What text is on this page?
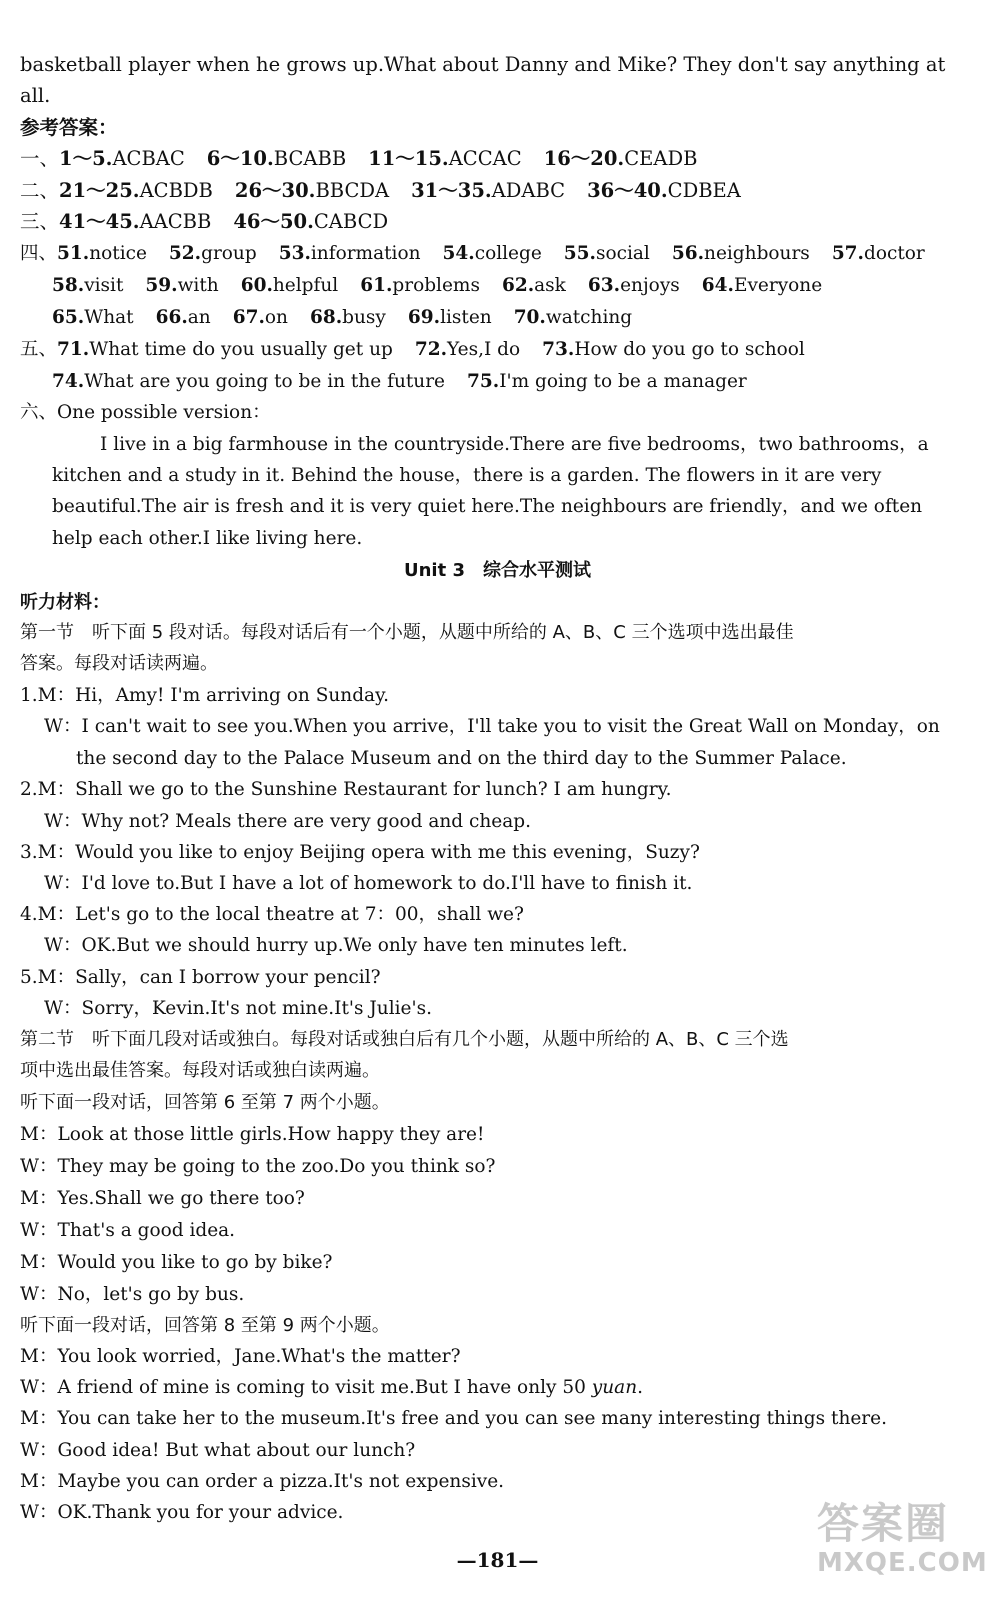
basketball player when he grows up.What about Danny and Mike? They don't say anything at
all.
参考答案：
一、1～5.ACBAC 6～10.BCABB 11～15.ACCAC 16～20.CEADB
二、21～25.ACBDB 26～30.BBCDA 31～35.ADABC 36～40.CDBEA
三、41～45.AACBB 46～50.CABCD
四、51.notice 52.group 53.information 54.college 55.social 56.neighbours 57.doctor
58.visit 59.with 60.helpful 61.problems 62.ask 63.enjoys 64.Everyone
65.What 66.an 67.on 68.busy 69.listen 70.watching
五、71.What time do you usually get up 72.Yes,I do 73.How do you go to school
74.What are you going to be in the future 75.I'm going to be a manager
六、One possible version：
I live in a big farmhouse in the countryside.There are five bedrooms，two bathrooms，a
kitchen and a study in it. Behind the house，there is a garden. The flowers in it are very
beautiful.The air is fresh and it is very quiet here.The neighbours are friendly，and we often
help each other.I like living here.
Unit 3　综合水平测试
听力材料：
第一节　听下面 5 段对话。每段对话后有一个小题，从题中所给的 A、B、C 三个选项中选出最佳
答案。每段对话读两遍。
1.M：Hi，Amy! I'm arriving on Sunday.
W：I can't wait to see you.When you arrive，I'll take you to visit the Great Wall on Monday，on
the second day to the Palace Museum and on the third day to the Summer Palace.
2.M：Shall we go to the Sunshine Restaurant for lunch? I am hungry.
W：Why not? Meals there are very good and cheap.
3.M：Would you like to enjoy Beijing opera with me this evening，Suzy?
W：I'd love to.But I have a lot of homework to do.I'll have to finish it.
4.M：Let's go to the local theatre at 7：00，shall we?
W：OK.But we should hurry up.We only have ten minutes left.
5.M：Sally，can I borrow your pencil?
W：Sorry，Kevin.It's not mine.It's Julie's.
第二节　听下面几段对话或独白。每段对话或独白后有几个小题，从题中所给的 A、B、C 三个选
项中选出最佳答案。每段对话或独白读两遍。
听下面一段对话，回答第 6 至第 7 两个小题。
M：Look at those little girls.How happy they are!
W：They may be going to the zoo.Do you think so?
M：Yes.Shall we go there too?
W：That's a good idea.
M：Would you like to go by bike?
W：No，let's go by bus.
听下面一段对话，回答第 8 至第 9 两个小题。
M：You look worried，Jane.What's the matter?
W：A friend of mine is coming to visit me.But I have only 50 yuan.
M：You can take her to the museum.It's free and you can see many interesting things there.
W：Good idea! But what about our lunch?
M：Maybe you can order a pizza.It's not expensive.
W：OK.Thank you for your advice.
—181—
答案圈
MXQE.COM
